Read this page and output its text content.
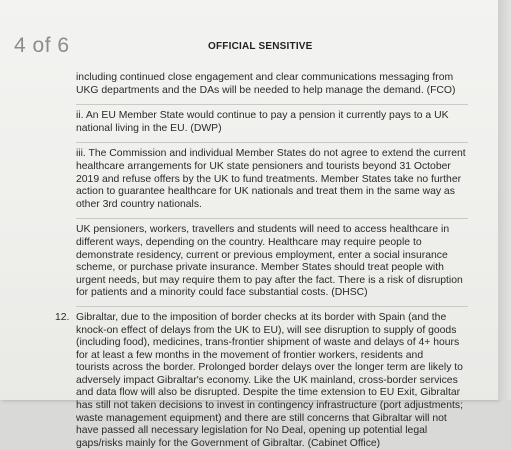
4 of 6	OFFICIAL SENSITIVE

including continued close engagement and clear communications messaging from
UKG departments and the DAs will be needed to help manage the demand. (FCO)

ii. An EU Member State would continue to pay a pension it currently pays to a UK
national living in the EU. (DWP)

iii. The Commission and individual Member States do not agree to extend the current
healthcare arrangements for UK state pensioners and tourists beyond 31 October
2019 and refuse offers by the UK to fund treatments. Member States take no further
action to guarantee healthcare for UK nationals and treat them in the same way as
other 3rd country nationals.

UK pensioners, workers, travellers and students will need to access healthcare in
different ways, depending on the country. Healthcare may require people to
demonstrate residency, current or previous employment, enter a social insurance
scheme, or purchase private insurance. Member States should treat people with
urgent needs, but may require them to pay after the fact. There is a risk of disruption
for patients and a minority could face substantial costs. (DHSC)

12. Gibraltar, due to the imposition of border checks at its border with Spain (and the
knock-on effect of delays from the UK to EU), will see disruption to supply of goods
(including food), medicines, trans-frontier shipment of waste and delays of 4+ hours
for at least a few months in the movement of frontier workers, residents and
tourists across the border. Prolonged border delays over the longer term are likely to
adversely impact Gibraltar's economy. Like the UK mainland, cross-border services
and data flow will also be disrupted. Despite the time extension to EU Exit, Gibraltar
has still not taken decisions to invest in contingency infrastructure (port adjustments;
waste management equipment) and there are still concerns that Gibraltar will not
have passed all necessary legislation for No Deal, opening up potential legal
gaps/risks mainly for the Government of Gibraltar. (Cabinet Office)
